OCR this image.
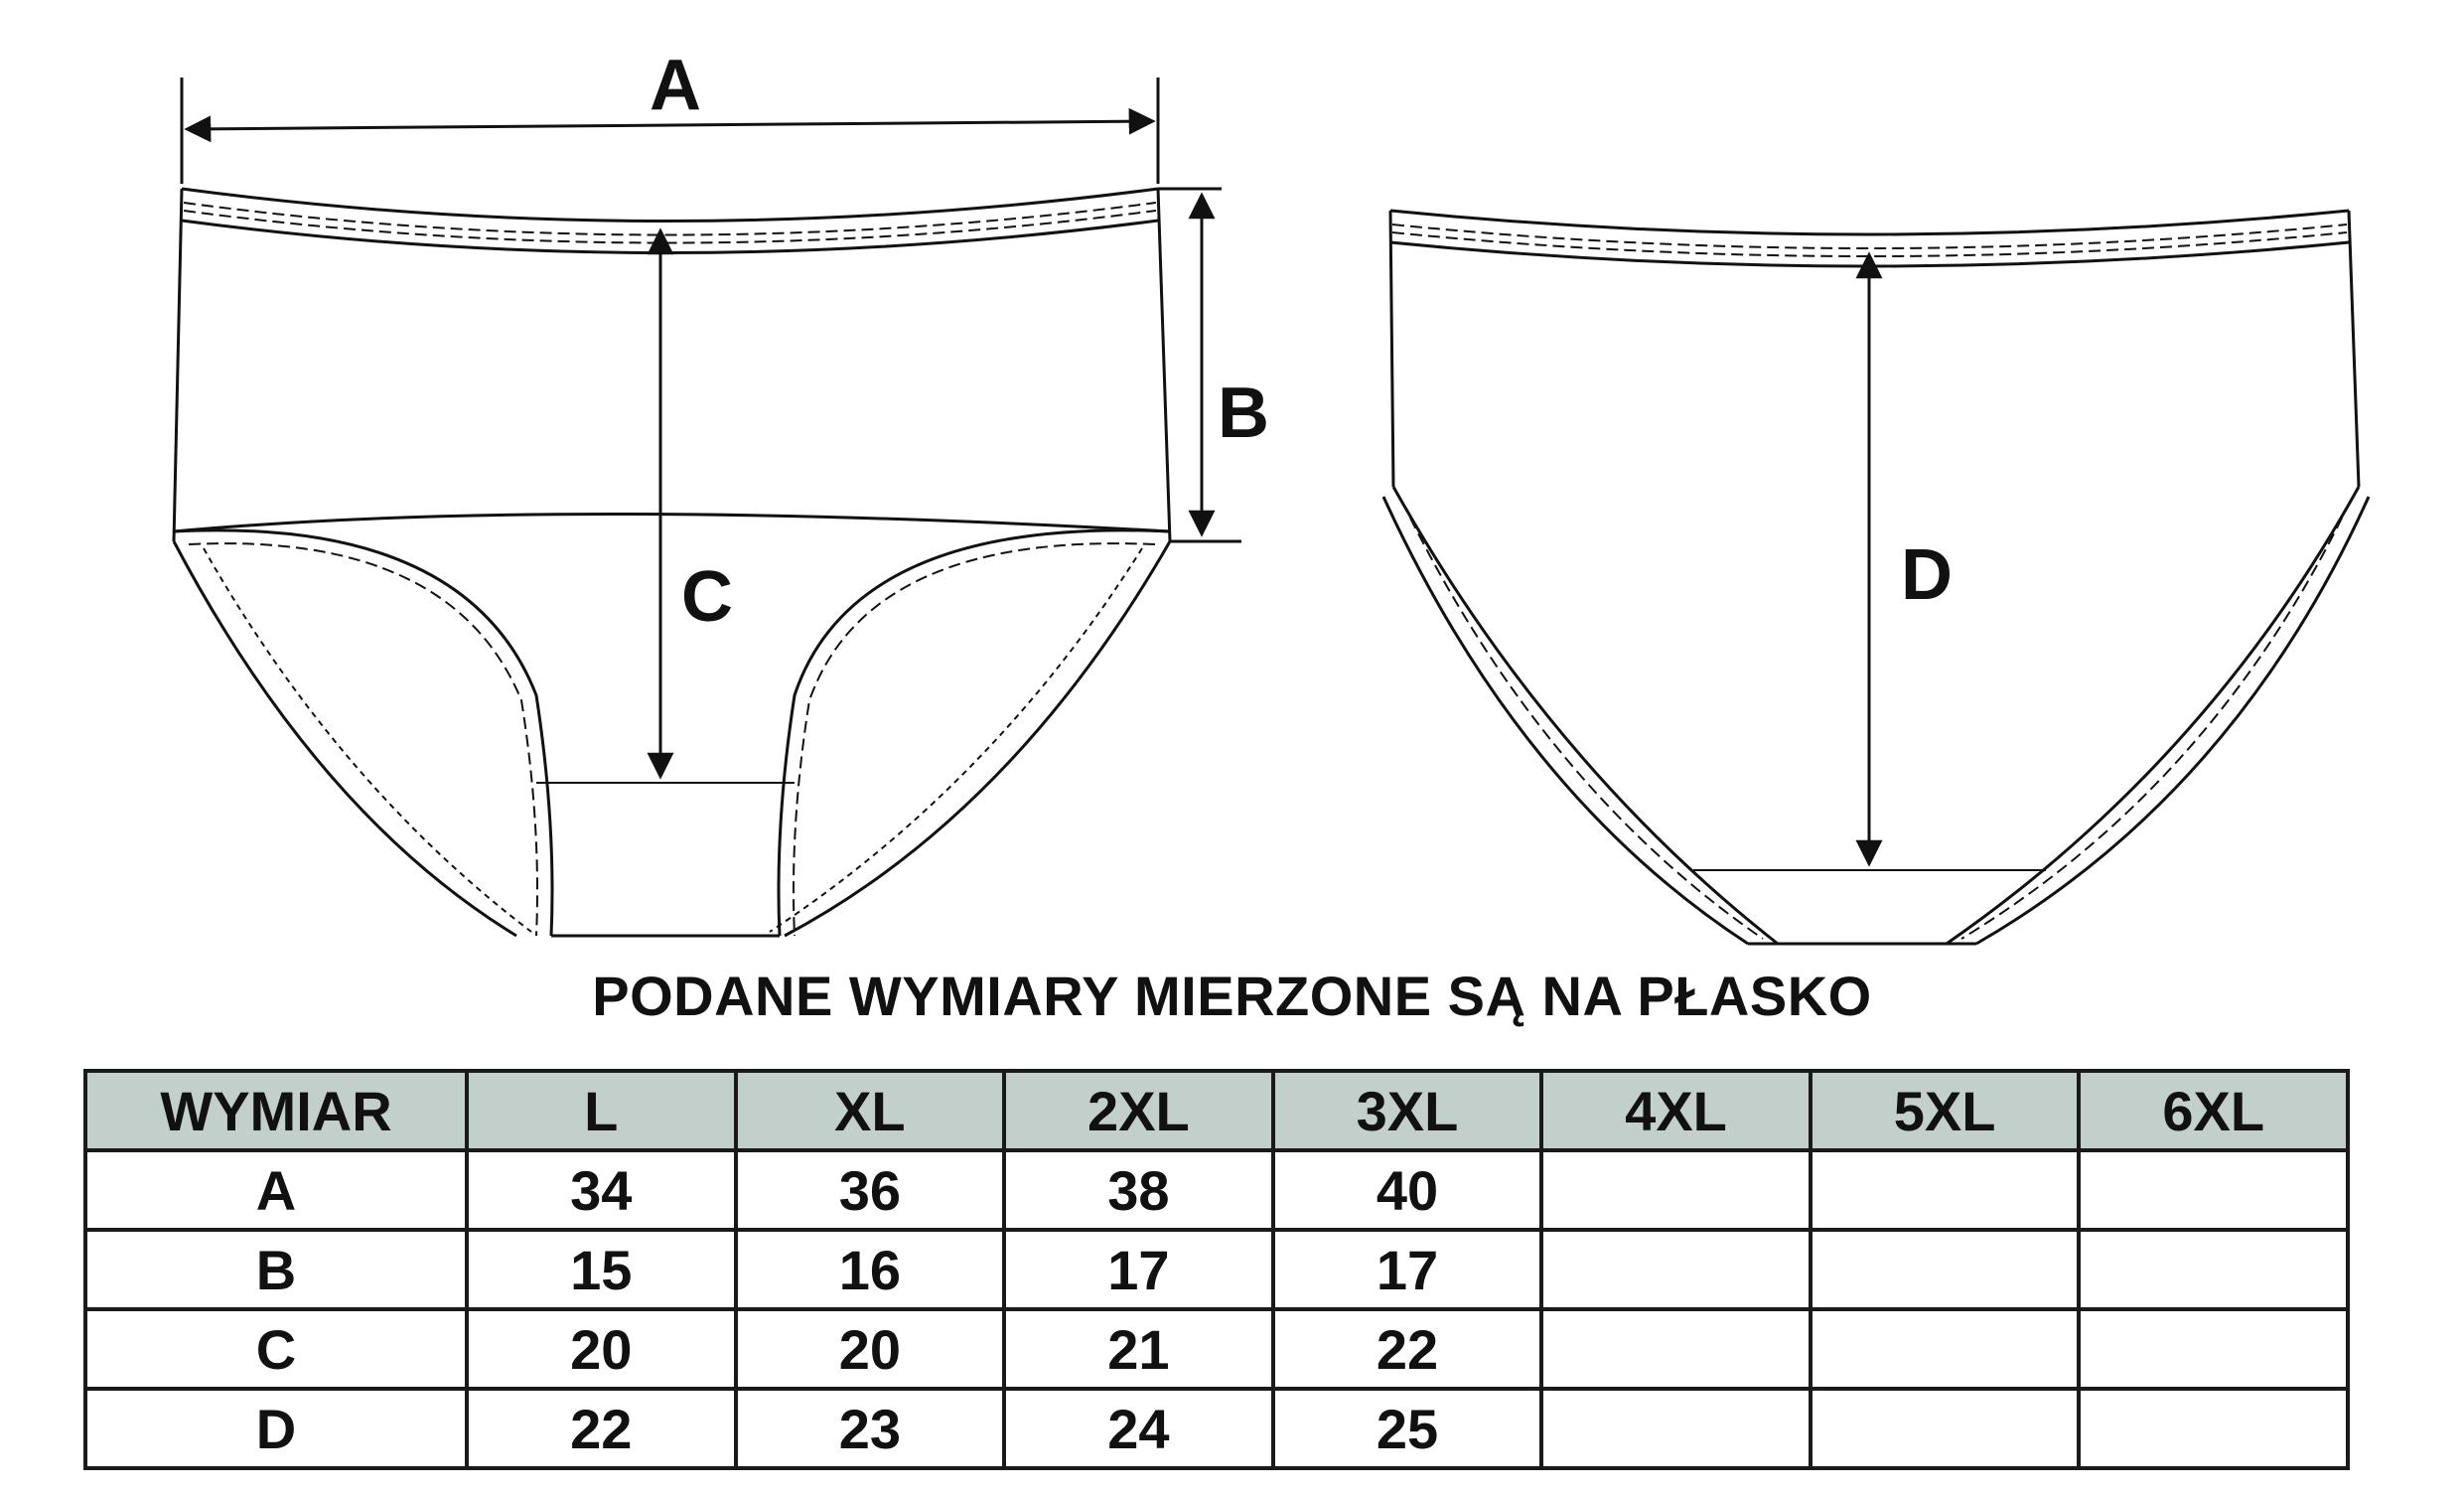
A
B
C	D
PODANE WYMIARY MIERZONE SĄ NA PŁASKO
WYMIAR	L	XL	2XL	3XL	4XL	5XL	6XL
A	34	36	38	40			
B	15	16	17	17			
C	20	20	21	22			
D	22	23	24	25			
